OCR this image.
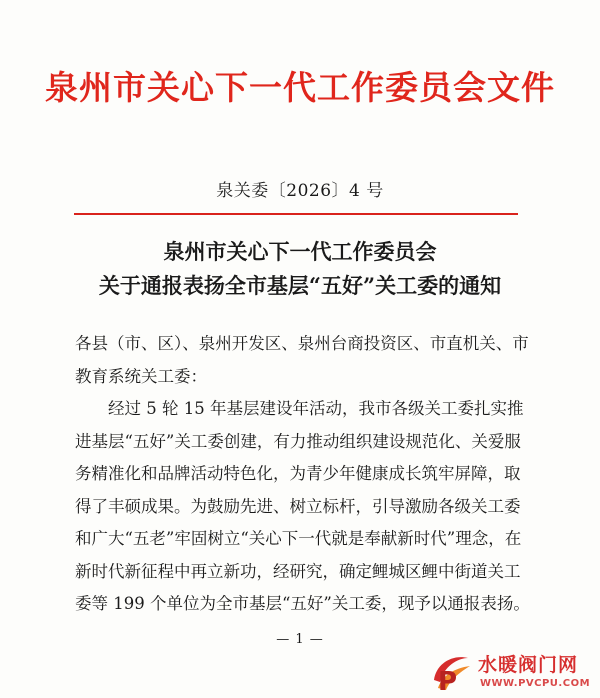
泉州市关心下一代工作委员会文件
泉关委〔2026〕4 号
泉州市关心下一代工作委员会
关于通报表扬全市基层“五好”关工委的通知
各县（市、区）、泉州开发区、泉州台商投资区、市直机关、市教育系统关工委：
经过 5 轮 15 年基层建设年活动，我市各级关工委扎实推进基层“五好”关工委创建，有力推动组织建设规范化、关爱服务精准化和品牌活动特色化，为青少年健康成长筑牢屏障，取得了丰硕成果。为鼓励先进、树立标杆，引导激励各级关工委和广大“五老”牢固树立“关心下一代就是奉献新时代”理念，在新时代新征程中再立新功，经研究，确定鲤城区鲤中街道关工委等 199 个单位为全市基层“五好”关工委，现予以通报表扬。
— 1 —
P
水暖阀门网
WWW.PVCPU.COM
